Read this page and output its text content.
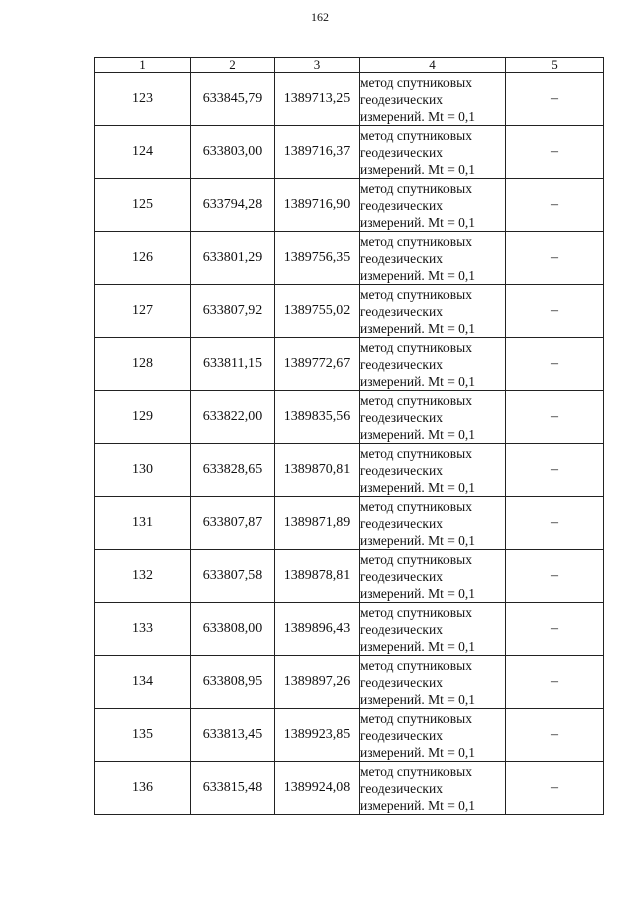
162
1	2	3	4	5
123	633845,79	1389713,25	метод спутниковых геодезических измерений. Mt = 0,1	–
124	633803,00	1389716,37	метод спутниковых геодезических измерений. Mt = 0,1	–
125	633794,28	1389716,90	метод спутниковых геодезических измерений. Mt = 0,1	–
126	633801,29	1389756,35	метод спутниковых геодезических измерений. Mt = 0,1	–
127	633807,92	1389755,02	метод спутниковых геодезических измерений. Mt = 0,1	–
128	633811,15	1389772,67	метод спутниковых геодезических измерений. Mt = 0,1	–
129	633822,00	1389835,56	метод спутниковых геодезических измерений. Mt = 0,1	–
130	633828,65	1389870,81	метод спутниковых геодезических измерений. Mt = 0,1	–
131	633807,87	1389871,89	метод спутниковых геодезических измерений. Mt = 0,1	–
132	633807,58	1389878,81	метод спутниковых геодезических измерений. Mt = 0,1	–
133	633808,00	1389896,43	метод спутниковых геодезических измерений. Mt = 0,1	–
134	633808,95	1389897,26	метод спутниковых геодезических измерений. Mt = 0,1	–
135	633813,45	1389923,85	метод спутниковых геодезических измерений. Mt = 0,1	–
136	633815,48	1389924,08	метод спутниковых геодезических измерений. Mt = 0,1	–
